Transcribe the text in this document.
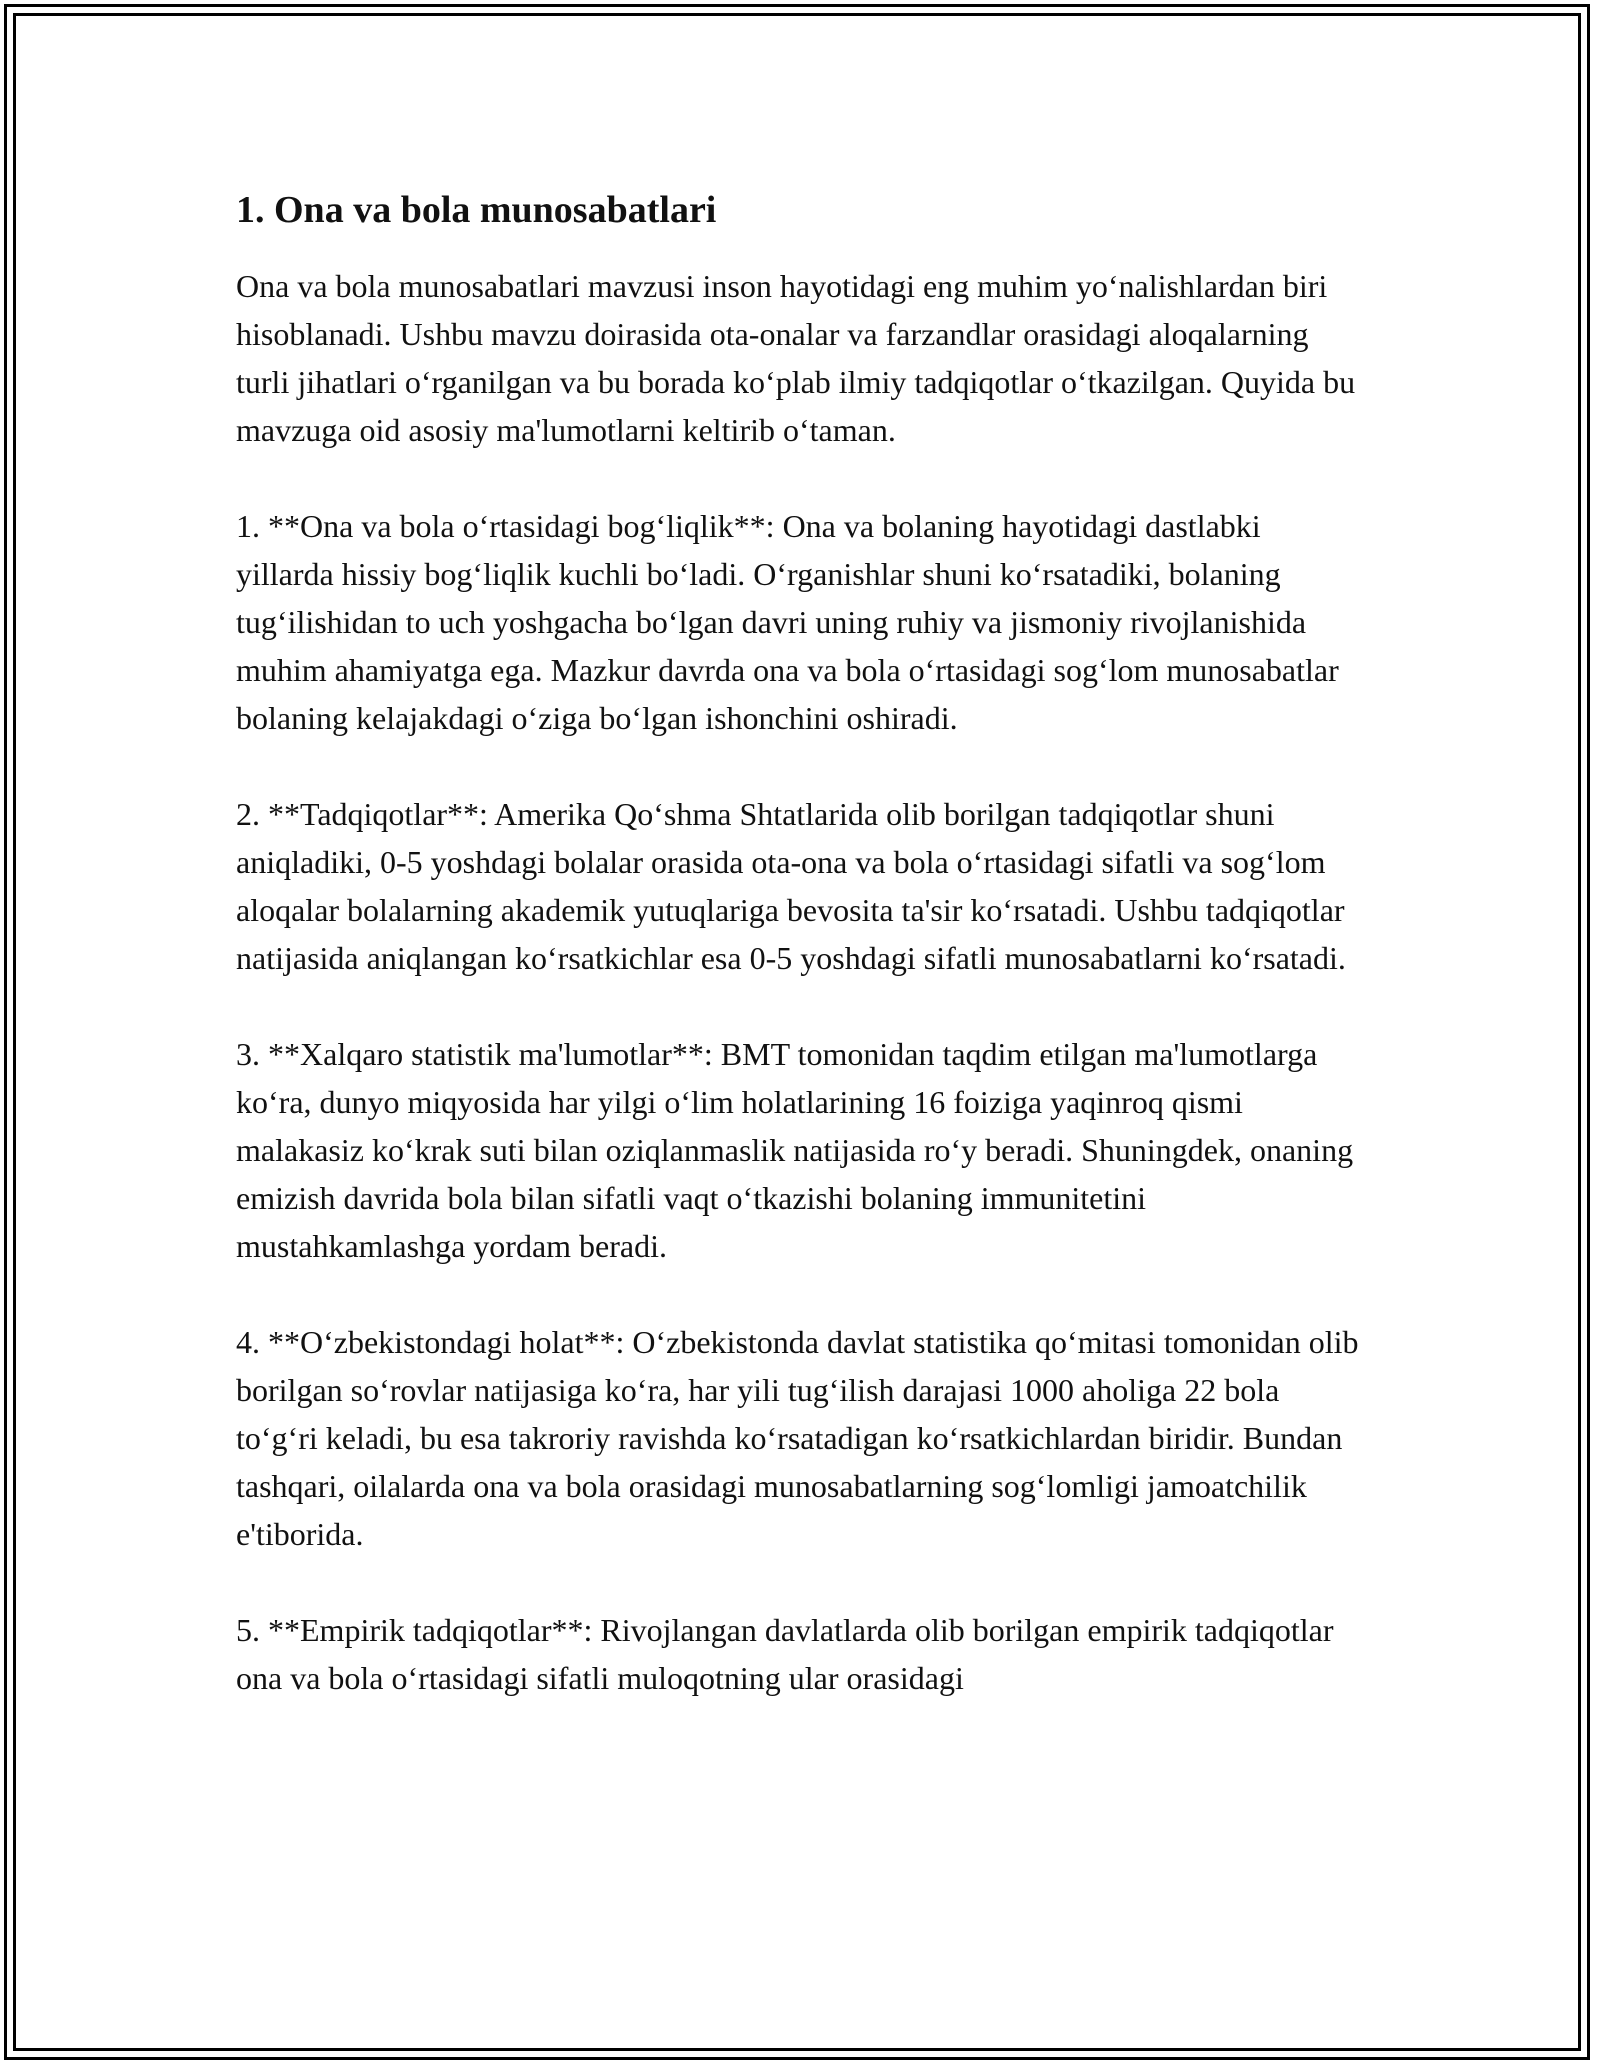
1. Ona va bola munosabatlari

Ona va bola munosabatlari mavzusi inson hayotidagi eng muhim yo‘nalishlardan biri hisoblanadi. Ushbu mavzu doirasida ota-onalar va farzandlar orasidagi aloqalarning turli jihatlari o‘rganilgan va bu borada ko‘plab ilmiy tadqiqotlar o‘tkazilgan. Quyida bu mavzuga oid asosiy ma'lumotlarni keltirib o‘taman.

1. **Ona va bola o‘rtasidagi bog‘liqlik**: Ona va bolaning hayotidagi dastlabki yillarda hissiy bog‘liqlik kuchli bo‘ladi. O‘rganishlar shuni ko‘rsatadiki, bolaning tug‘ilishidan to uch yoshgacha bo‘lgan davri uning ruhiy va jismoniy rivojlanishida muhim ahamiyatga ega. Mazkur davrda ona va bola o‘rtasidagi sog‘lom munosabatlar bolaning kelajakdagi o‘ziga bo‘lgan ishonchini oshiradi.

2. **Tadqiqotlar**: Amerika Qo‘shma Shtatlarida olib borilgan tadqiqotlar shuni aniqladiki, 0-5 yoshdagi bolalar orasida ota-ona va bola o‘rtasidagi sifatli va sog‘lom aloqalar bolalarning akademik yutuqlariga bevosita ta'sir ko‘rsatadi. Ushbu tadqiqotlar natijasida aniqlangan ko‘rsatkichlar esa 0-5 yoshdagi sifatli munosabatlarni ko‘rsatadi.

3. **Xalqaro statistik ma'lumotlar**: BMT tomonidan taqdim etilgan ma'lumotlarga ko‘ra, dunyo miqyosida har yilgi o‘lim holatlarining 16 foiziga yaqinroq qismi malakasiz ko‘krak suti bilan oziqlanmaslik natijasida ro‘y beradi. Shuningdek, onaning emizish davrida bola bilan sifatli vaqt o‘tkazishi bolaning immunitetini mustahkamlashga yordam beradi.

4. **O‘zbekistondagi holat**: O‘zbekistonda davlat statistika qo‘mitasi tomonidan olib borilgan so‘rovlar natijasiga ko‘ra, har yili tug‘ilish darajasi 1000 aholiga 22 bola to‘g‘ri keladi, bu esa takroriy ravishda ko‘rsatadigan ko‘rsatkichlardan biridir. Bundan tashqari, oilalarda ona va bola orasidagi munosabatlarning sog‘lomligi jamoatchilik e'tiborida.

5. **Empirik tadqiqotlar**: Rivojlangan davlatlarda olib borilgan empirik tadqiqotlar ona va bola o‘rtasidagi sifatli muloqotning ular orasidagi
